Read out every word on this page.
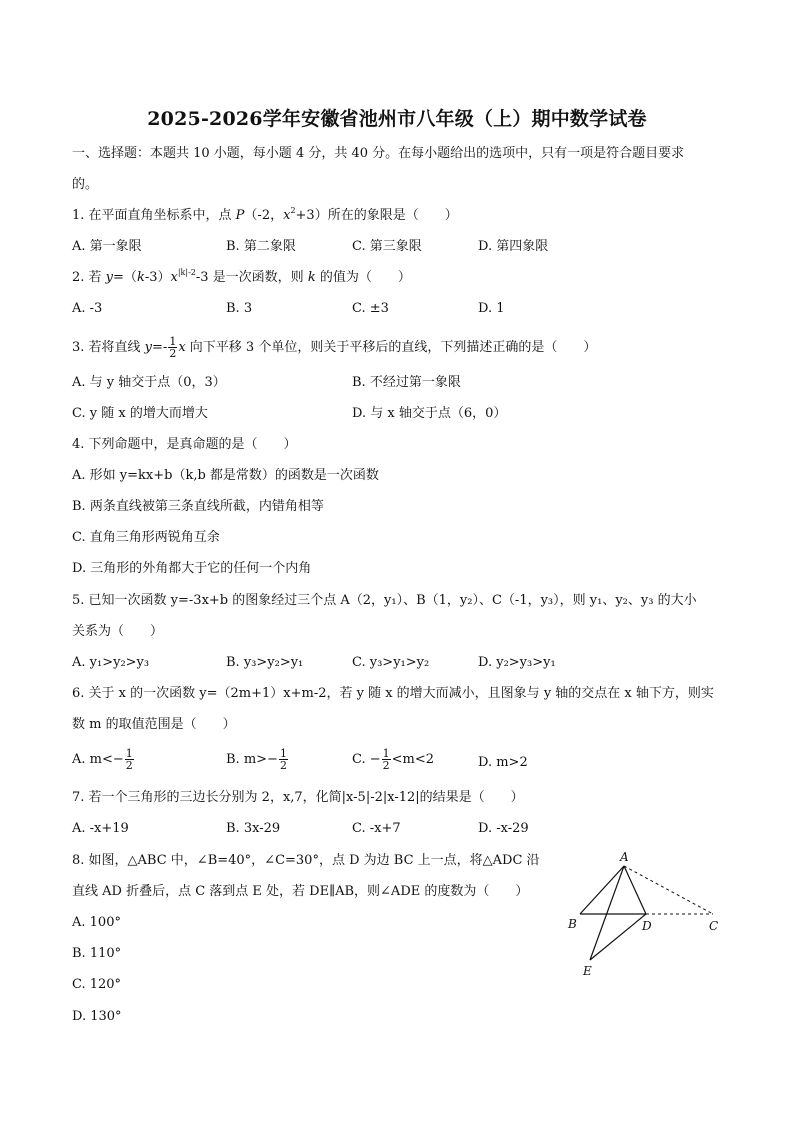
2025-2026学年安徽省池州市八年级（上）期中数学试卷
一、选择题：本题共 10 小题，每小题 4 分，共 40 分。在每小题给出的选项中，只有一项是符合题目要求
的。
1. 在平面直角坐标系中，点 P（-2，$x^2+3$）所在的象限是（　　）
A. 第一象限	B. 第二象限	C. 第三象限	D. 第四象限
2. 若 $y=(k-3)x^{|k|-2}-3$ 是一次函数，则 k 的值为（　　）
A. -3	B. 3	C. ±3	D. 1
3. 若将直线 $y=- \frac{1}{2}$ x 向下平移 3 个单位，则关于平移后的直线，下列描述正确的是（　　）
A. 与 y 轴交于点（0，3）	B. 不经过第一象限
C. y 随 x 的增大而增大	D. 与 x 轴交于点（6，0）
4. 下列命题中，是真命题的是（　　）
A. 形如 y=kx+b（k,b 都是常数）的函数是一次函数
B. 两条直线被第三条直线所截，内错角相等
C. 直角三角形两锐角互余
D. 三角形的外角都大于它的任何一个内角
5. 已知一次函数 y=-3x+b 的图象经过三个点 A（2，y₁）、B（1，y₂）、C（-1，y₃），则 y₁、y₂、y₃ 的大小
关系为（　　）
A. y₁>y₂>y₃	B. y₃>y₂>y₁	C. y₃>y₁>y₂	D. y₂>y₃>y₁
6. 关于 x 的一次函数 y=（2m+1）x+m-2，若 y 随 x 的增大而减小，且图象与 y 轴的交点在 x 轴下方，则实
数 m 的取值范围是（　　）
A. $m<- \frac{1}{2}$	B. $m>- \frac{1}{2}$	C. − $\frac{1}{2} <m<2$	D. m>2
7. 若一个三角形的三边长分别为 2，x,7，化简|x-5|-2|x-12|的结果是（　　）
A. -x+19	B. 3x-29	C. -x+7	D. -x-29
8. 如图，△ABC 中，∠B=40°，∠C=30°，点 D 为边 BC 上一点，将△ADC 沿
直线 AD 折叠后，点 C 落到点 E 处，若 DE∥AB，则∠ADE 的度数为（　　）
A. 100°
B. 110°
C. 120°
D. 130°
A
B	D	C
E
